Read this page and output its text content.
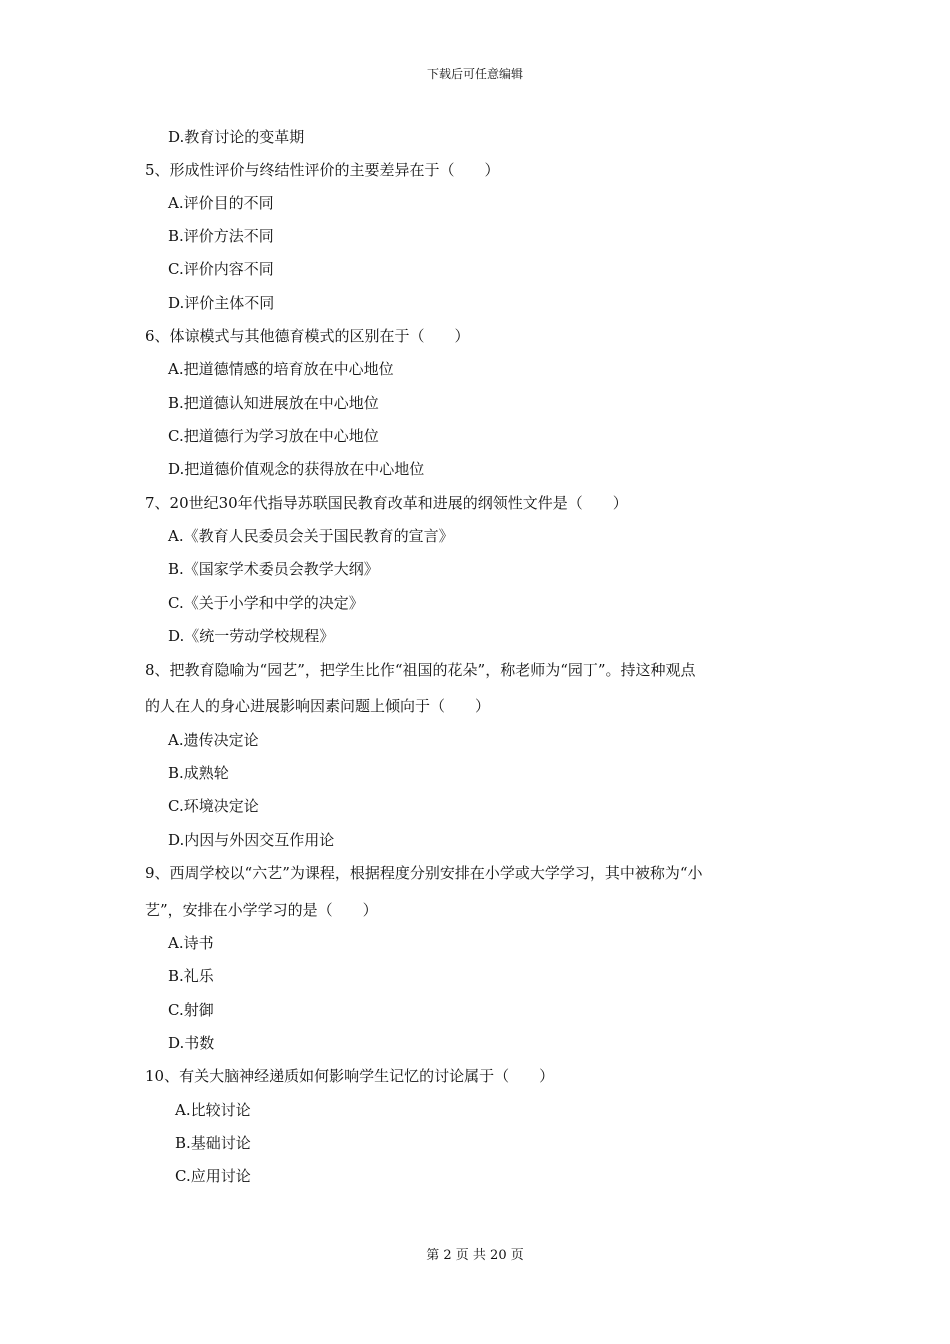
下载后可任意编辑
D.教育讨论的变革期
5、形成性评价与终结性评价的主要差异在于（　　）
A.评价目的不同
B.评价方法不同
C.评价内容不同
D.评价主体不同
6、体谅模式与其他德育模式的区别在于（　　）
A.把道德情感的培育放在中心地位
B.把道德认知进展放在中心地位
C.把道德行为学习放在中心地位
D.把道德价值观念的获得放在中心地位
7、20世纪30年代指导苏联国民教育改革和进展的纲领性文件是（　　）
A.《教育人民委员会关于国民教育的宣言》
B.《国家学术委员会教学大纲》
C.《关于小学和中学的决定》
D.《统一劳动学校规程》
8、把教育隐喻为“园艺”，把学生比作“祖国的花朵”，称老师为“园丁”。持这种观点
的人在人的身心进展影响因素问题上倾向于（　　）
A.遗传决定论
B.成熟轮
C.环境决定论
D.内因与外因交互作用论
9、西周学校以“六艺”为课程，根据程度分别安排在小学或大学学习，其中被称为“小
艺”，安排在小学学习的是（　　）
A.诗书
B.礼乐
C.射御
D.书数
10、有关大脑神经递质如何影响学生记忆的讨论属于（　　）
A.比较讨论
B.基础讨论
C.应用讨论
第 2 页 共 20 页
